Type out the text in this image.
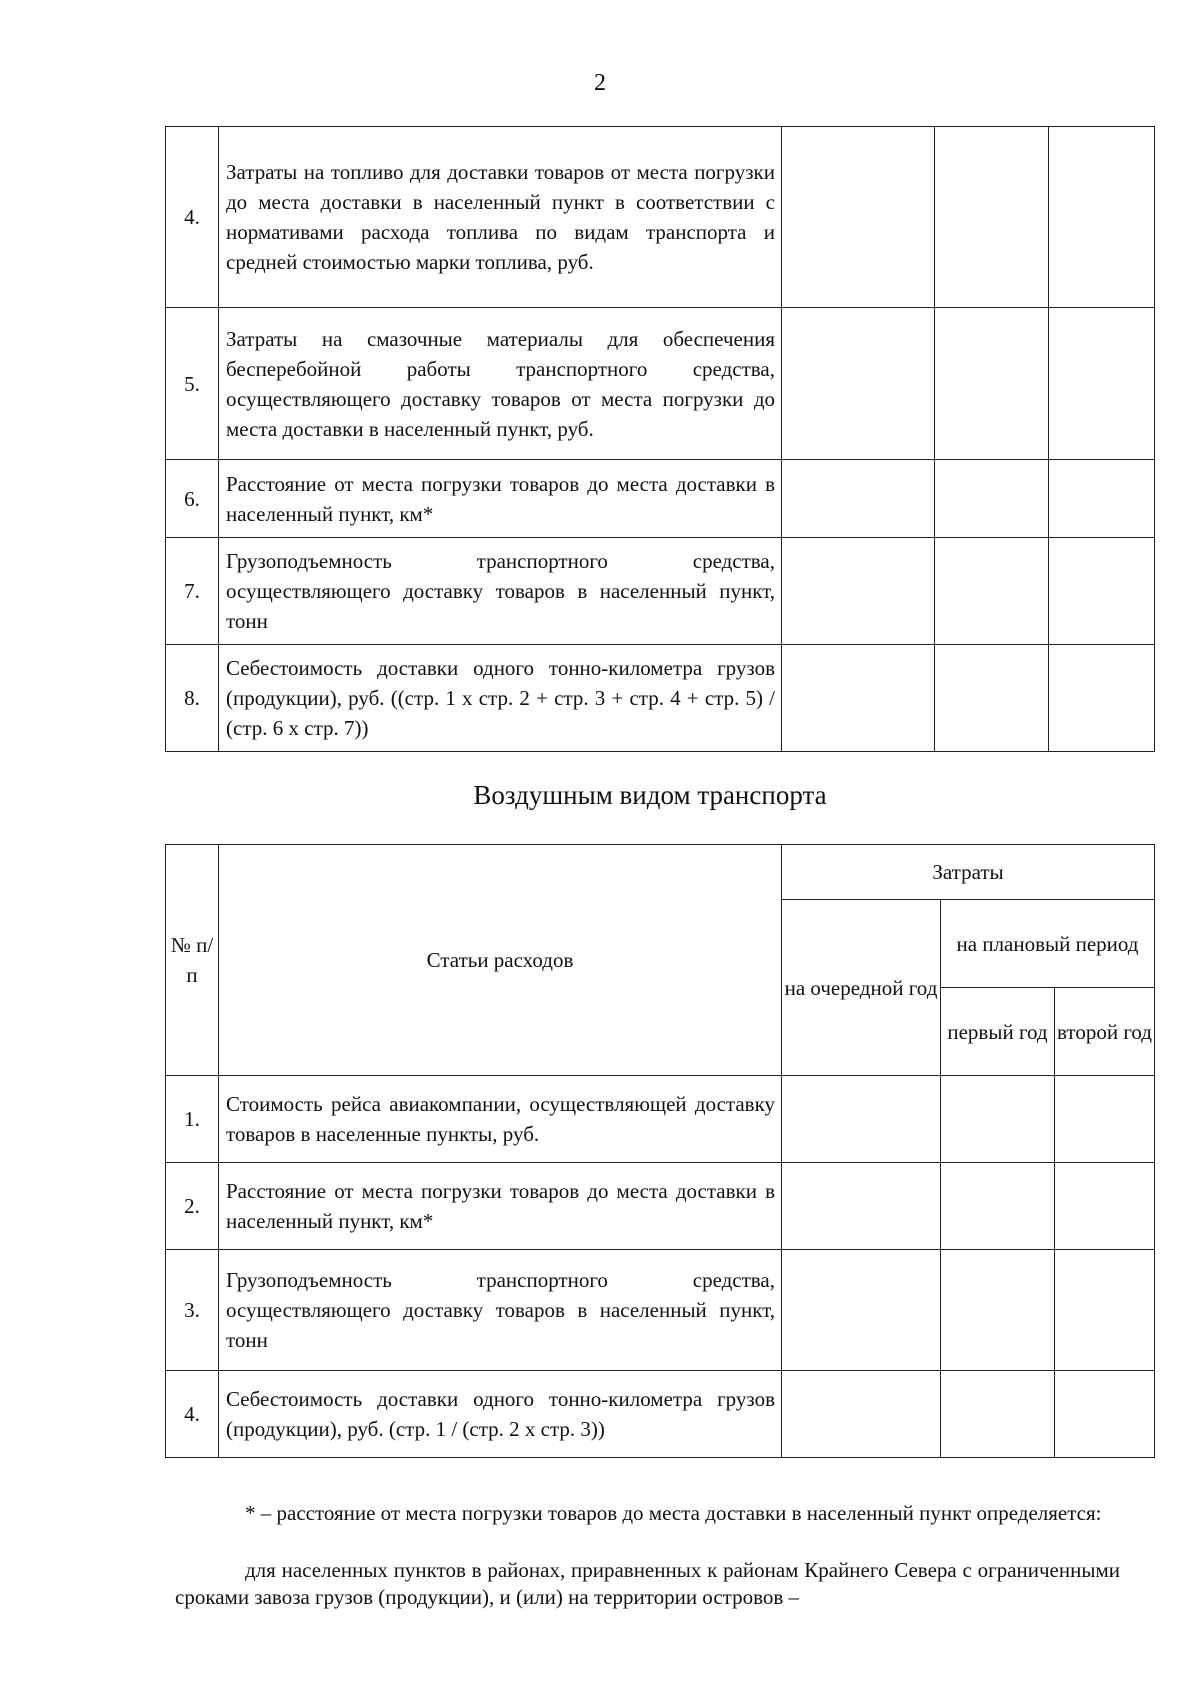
2
4.	Затраты на топливо для доставки товаров от места погрузки до места доставки в населенный пункт в соответствии с нормативами расхода топлива по видам транспорта и средней стоимостью марки топлива, руб.			
5.	Затраты на смазочные материалы для обеспечения бесперебойной работы транспортного средства, осуществляющего доставку товаров от места погрузки до места доставки в населенный пункт, руб.			
6.	Расстояние от места погрузки товаров до места доставки в населенный пункт, км*			
7.	Грузоподъемность транспортного средства, осуществляющего доставку товаров в населенный пункт, тонн			
8.	Себестоимость доставки одного тонно-километра грузов (продукции), руб. ((стр. 1 x стр. 2 + стр. 3 + стр. 4 + стр. 5) / (стр. 6 x стр. 7))			
Воздушным видом транспорта
№ п/п	Статьи расходов	Затраты		
		на очередной год	на плановый период	
			первый год	второй год
1.	Стоимость рейса авиакомпании, осуществляющей доставку товаров в населенные пункты, руб.			
2.	Расстояние от места погрузки товаров до места доставки в населенный пункт, км*			
3.	Грузоподъемность транспортного средства, осуществляющего доставку товаров в населенный пункт, тонн			
4.	Себестоимость доставки одного тонно-километра грузов (продукции), руб. (стр. 1 / (стр. 2 x стр. 3))			

* – расстояние от места погрузки товаров до места доставки в населенный пункт определяется:

для населенных пунктов в районах, приравненных к районам Крайнего Севера с ограниченными сроками завоза грузов (продукции), и (или) на территории островов –
